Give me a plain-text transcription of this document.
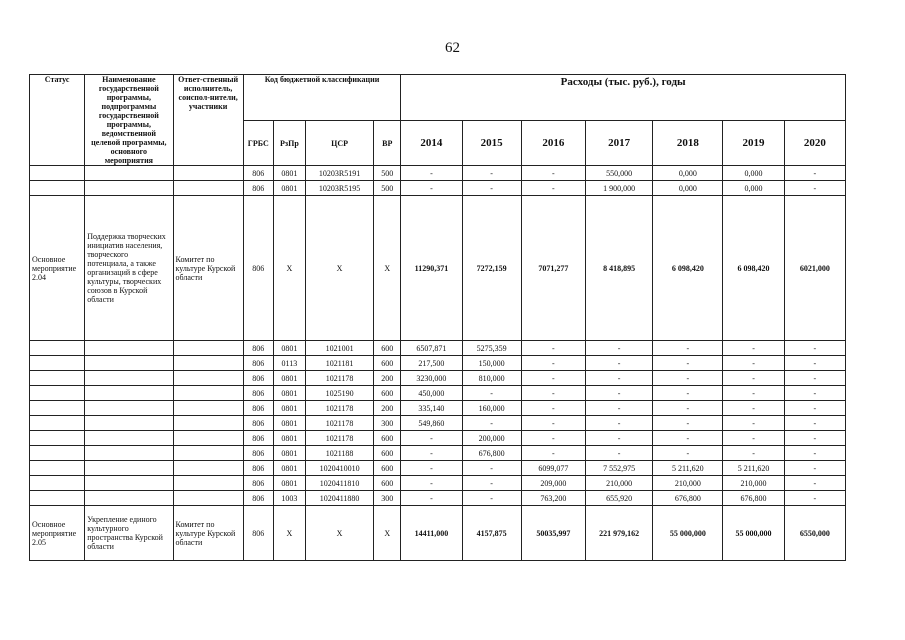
62
Статус	Наименование государственной программы, подпрограммы государственной программы, ведомственной целевой программы, основного мероприятия	Ответ-ственный исполнитель, соиспол-нители, участники	Код бюджетной классификации				Расходы (тыс. руб.), годы						
			ГРБС	РзПр	ЦСР	ВР	2014	2015	2016	2017	2018	2019	2020
			806	0801	10203R5191	500	-	-	-	550,000	0,000	0,000	-
			806	0801	10203R5195	500	-	-	-	1 900,000	0,000	0,000	-
Основное мероприятие 2.04	Поддержка творческих инициатив населения, творческого потенциала, а также организаций в сфере культуры, творческих союзов в Курской области	Комитет по культуре Курской области	806	X	X	X	11290,371	7272,159	7071,277	8 418,895	6 098,420	6 098,420	6021,000
			806	0801	1021001	600	6507,871	5275,359	-	-	-	-	-
			806	0113	1021181	600	217,500	150,000	-	-	-	-	-
			806	0801	1021178	200	3230,000	810,000	-	-	-	-	-
			806	0801	1025190	600	450,000	-	-	-	-	-	-
			806	0801	1021178	200	335,140	160,000	-	-	-	-	-
			806	0801	1021178	300	549,860	-	-	-	-	-	-
			806	0801	1021178	600	-	200,000	-	-	-	-	-
			806	0801	1021188	600	-	676,800	-	-	-	-	-
			806	0801	1020410010	600	-	-	6099,077	7 552,975	5 211,620	5 211,620	-
			806	0801	1020411810	600	-	-	209,000	210,000	210,000	210,000	-
			806	1003	1020411880	300	-	-	763,200	655,920	676,800	676,800	-
Основное мероприятие 2.05	Укрепление единого культурного пространства Курской области	Комитет по культуре Курской области	806	X	X	X	14411,000	4157,875	50035,997	221 979,162	55 000,000	55 000,000	6550,000
